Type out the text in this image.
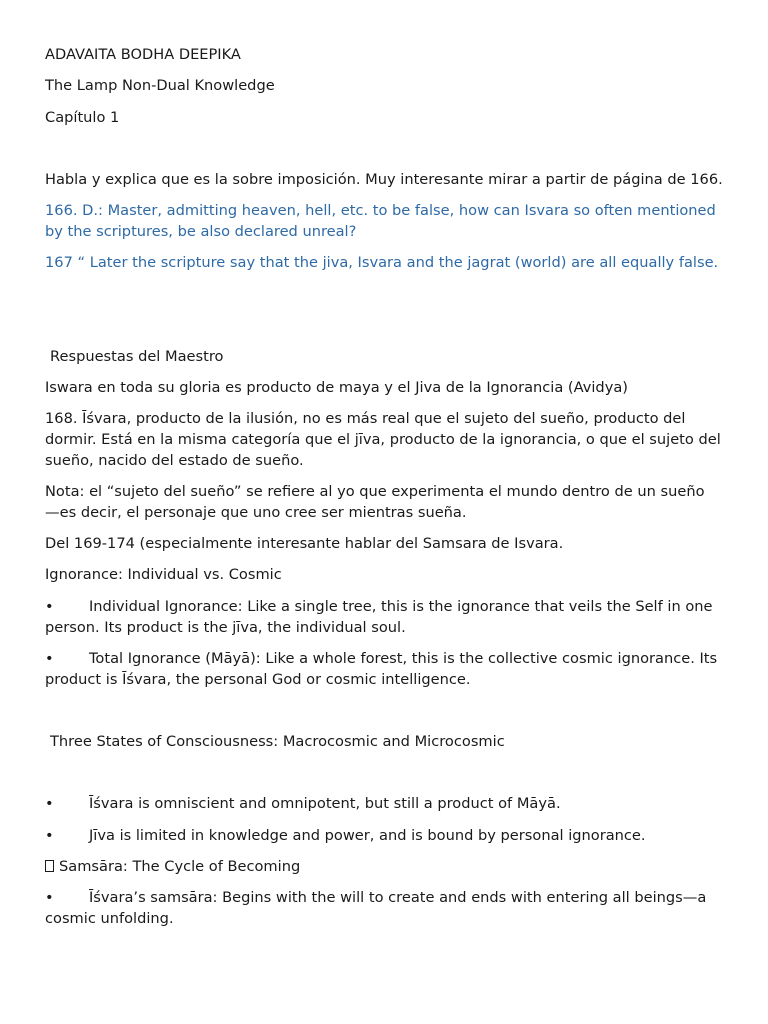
ADAVAITA BODHA DEEPIKA

The Lamp Non-Dual Knowledge

Capítulo 1

Habla y explica que es la sobre imposición. Muy interesante mirar a partir de página de 166.

166. D.: Master, admitting heaven, hell, etc. to be false, how can Isvara so often mentioned by the scriptures, be also declared unreal?

167 “ Later the scripture say that the jiva, Isvara and the jagrat (world) are all equally false.

Respuestas del Maestro

Iswara en toda su gloria es producto de maya y el Jiva de la Ignorancia (Avidya)

168. Īśvara, producto de la ilusión, no es más real que el sujeto del sueño, producto del dormir. Está en la misma categoría que el jīva, producto de la ignorancia, o que el sujeto del sueño, nacido del estado de sueño.

Nota: el “sujeto del sueño” se refiere al yo que experimenta el mundo dentro de un sueño —es decir, el personaje que uno cree ser mientras sueña.

Del 169-174 (especialmente interesante hablar del Samsara de Isvara.

Ignorance: Individual vs. Cosmic

• Individual Ignorance: Like a single tree, this is the ignorance that veils the Self in one person. Its product is the jīva, the individual soul.

• Total Ignorance (Māyā): Like a whole forest, this is the collective cosmic ignorance. Its product is Īśvara, the personal God or cosmic intelligence.

Three States of Consciousness: Macrocosmic and Microcosmic

• Īśvara is omniscient and omnipotent, but still a product of Māyā.

• Jīva is limited in knowledge and power, and is bound by personal ignorance.

Samsāra: The Cycle of Becoming

• Īśvara’s samsāra: Begins with the will to create and ends with entering all beings—a cosmic unfolding.
